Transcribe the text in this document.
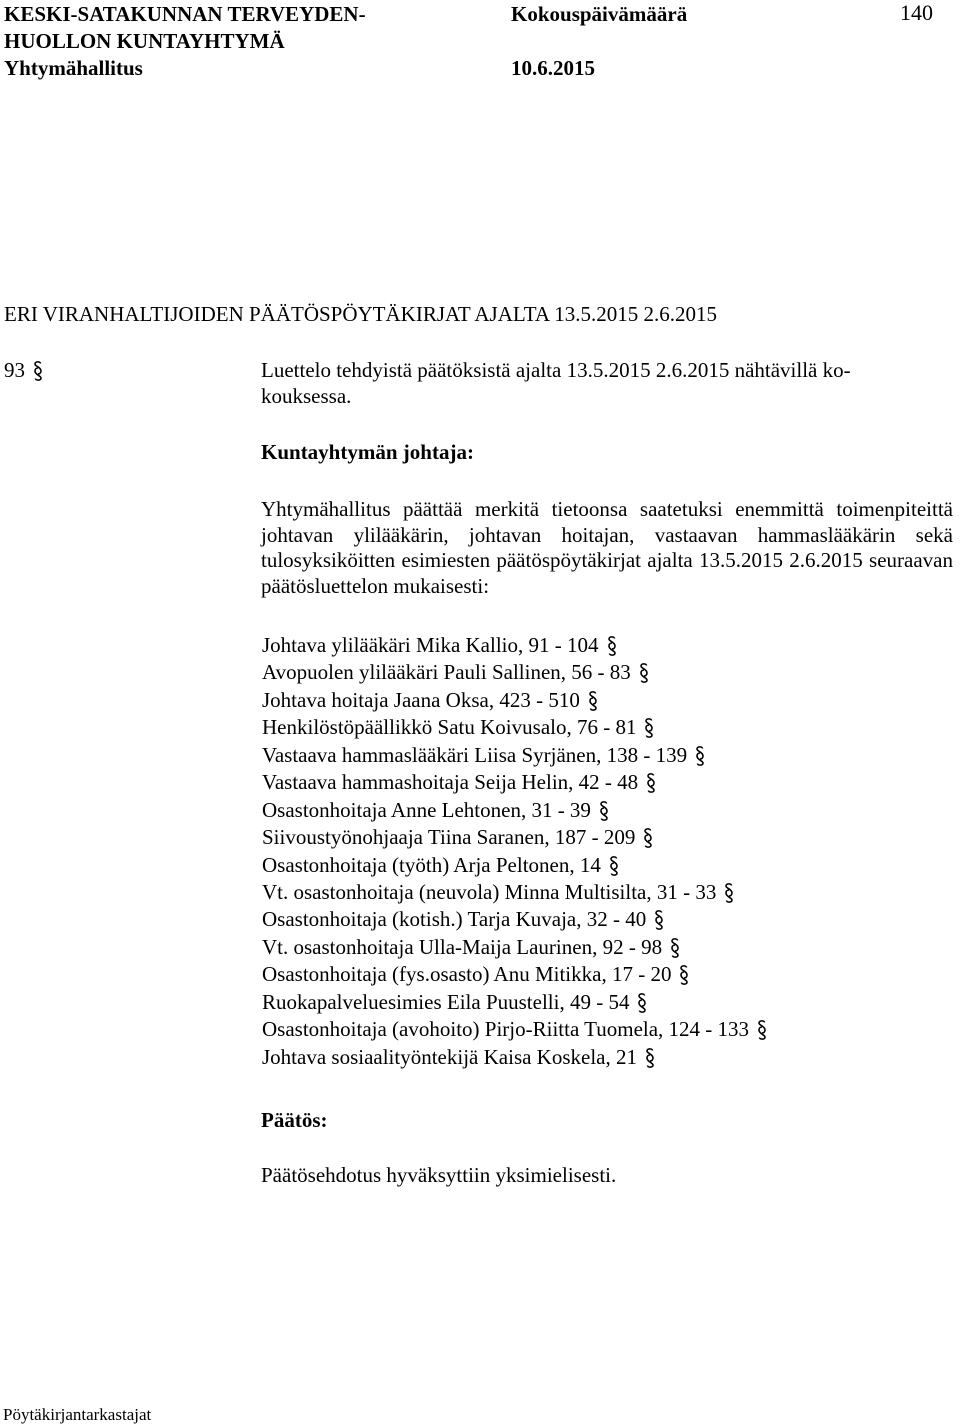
KESKI-SATAKUNNAN TERVEYDEN-
HUOLLON KUNTAYHTYMÄ
Yhtymähallitus
Kokouspäivämäärä
10.6.2015
140
ERI VIRANHALTIJOIDEN PÄÄTÖSPÖYTÄKIRJAT AJALTA 13.5.2015 2.6.2015
93	Luettelo tehdyistä päätöksistä ajalta 13.5.2015 2.6.2015 nähtävillä ko-
kouksessa.
Kuntayhtymän johtaja:
Yhtymähallitus päättää merkitä tietoonsa saatetuksi enemmittä toimenpiteittä johtavan ylilääkärin, johtavan hoitajan, vastaavan hammaslääkärin sekä tulosyksiköitten esimiesten päätöspöytäkirjat ajalta 13.5.2015 2.6.2015 seuraavan päätösluettelon mukaisesti:
Johtava ylilääkäri Mika Kallio, 91 - 104
Avopuolen ylilääkäri Pauli Sallinen, 56 - 83
Johtava hoitaja Jaana Oksa, 423 - 510
Henkilöstöpäällikkö Satu Koivusalo, 76 - 81
Vastaava hammaslääkäri Liisa Syrjänen, 138 - 139
Vastaava hammashoitaja Seija Helin, 42 - 48
Osastonhoitaja Anne Lehtonen, 31 - 39
Siivoustyönohjaaja Tiina Saranen, 187 - 209
Osastonhoitaja (työth) Arja Peltonen, 14
Vt. osastonhoitaja (neuvola) Minna Multisilta, 31 - 33
Osastonhoitaja (kotish.) Tarja Kuvaja, 32 - 40
Vt. osastonhoitaja Ulla-Maija Laurinen, 92 - 98
Osastonhoitaja (fys.osasto) Anu Mitikka, 17 - 20
Ruokapalveluesimies Eila Puustelli, 49 - 54
Osastonhoitaja (avohoito) Pirjo-Riitta Tuomela, 124 - 133
Johtava sosiaalityöntekijä Kaisa Koskela, 21
Päätös:
Päätösehdotus hyväksyttiin yksimielisesti.
Pöytäkirjantarkastajat
